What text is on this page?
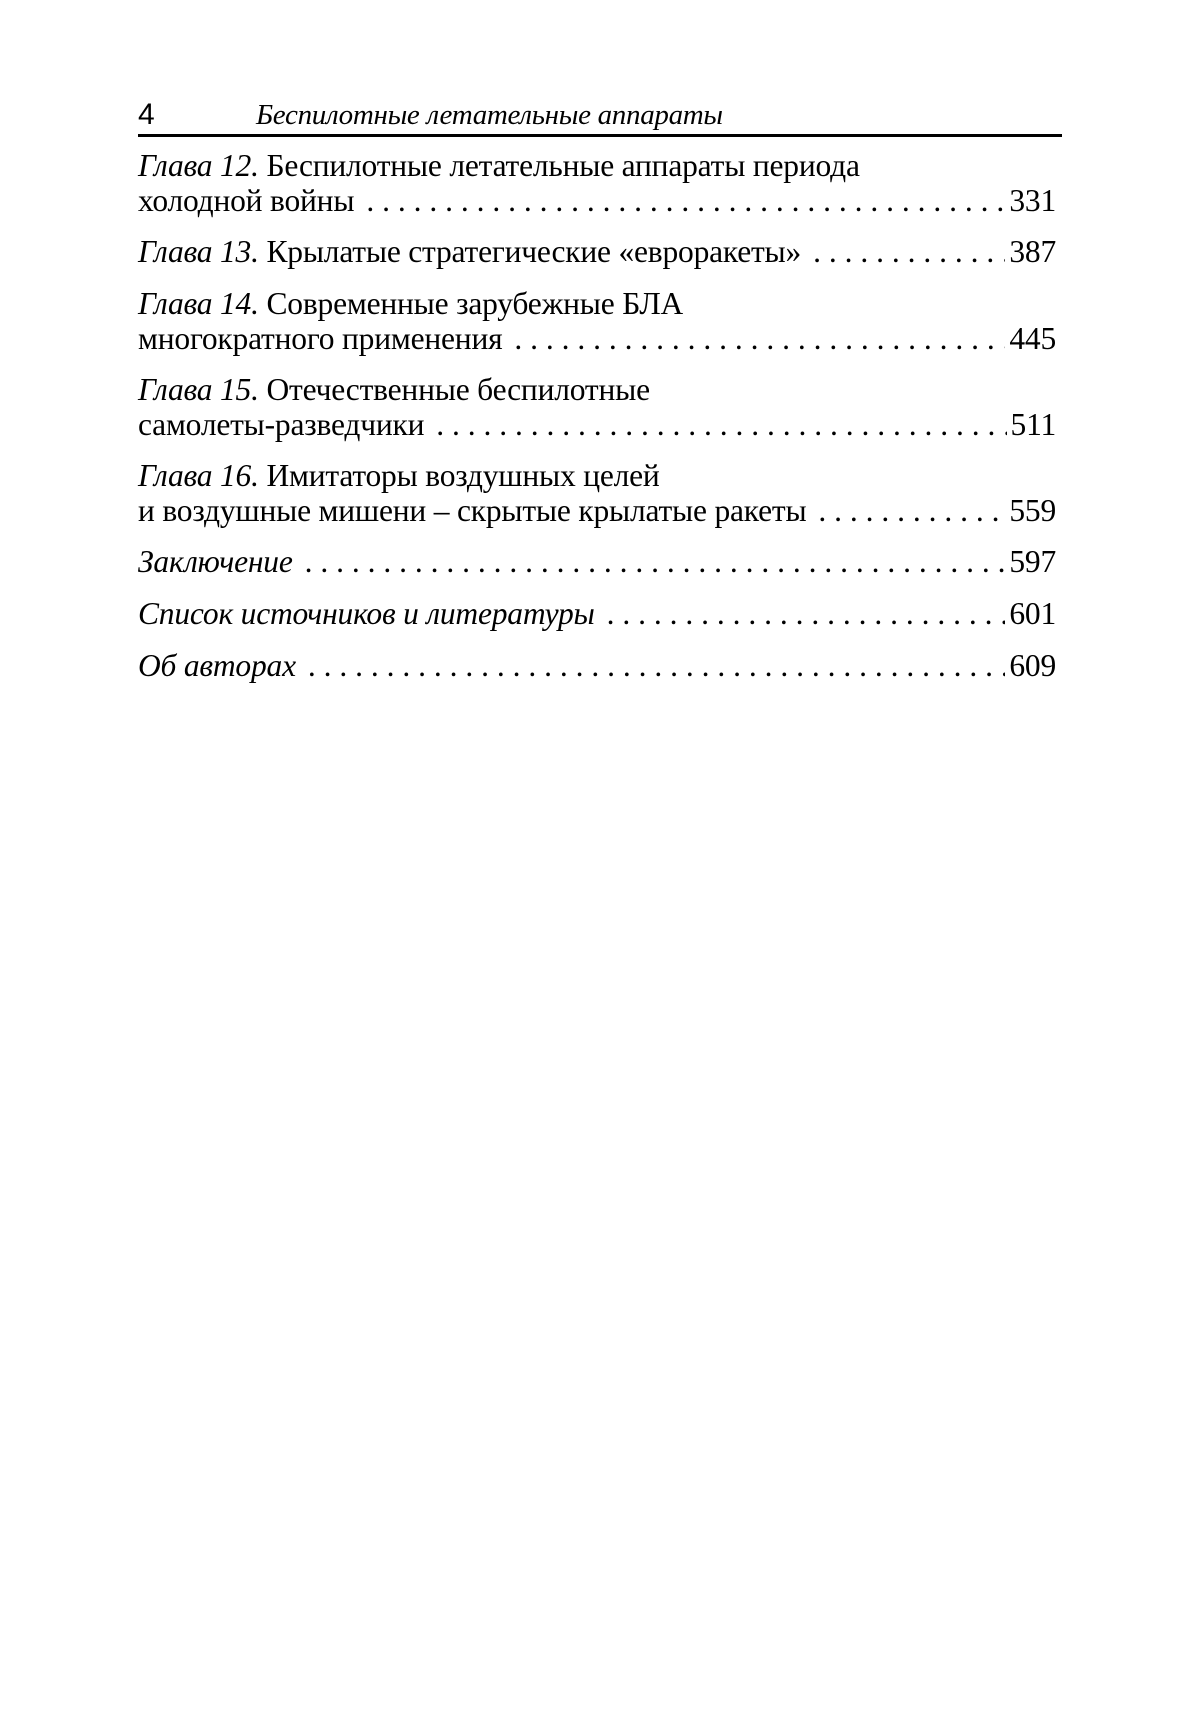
4	Беспилотные летательные аппараты
Глава 12. Беспилотные летательные аппараты периода
холодной войны . . .	331
Глава 13 .
Крылатые стратегические «евроракеты» . . .	387
Глава 14. Современные зарубежные БЛА
многократного применения . . .	445
Глава 15. Отечественные беспилотные
самолеты-разведчики . . .	511
Глава 16. Имитаторы воздушных целей
и воздушные мишени – скрытые крылатые ракеты . . .	559
Заключение . . .	597
Список источников и литературы . . .	601
Об авторах . . .	609
